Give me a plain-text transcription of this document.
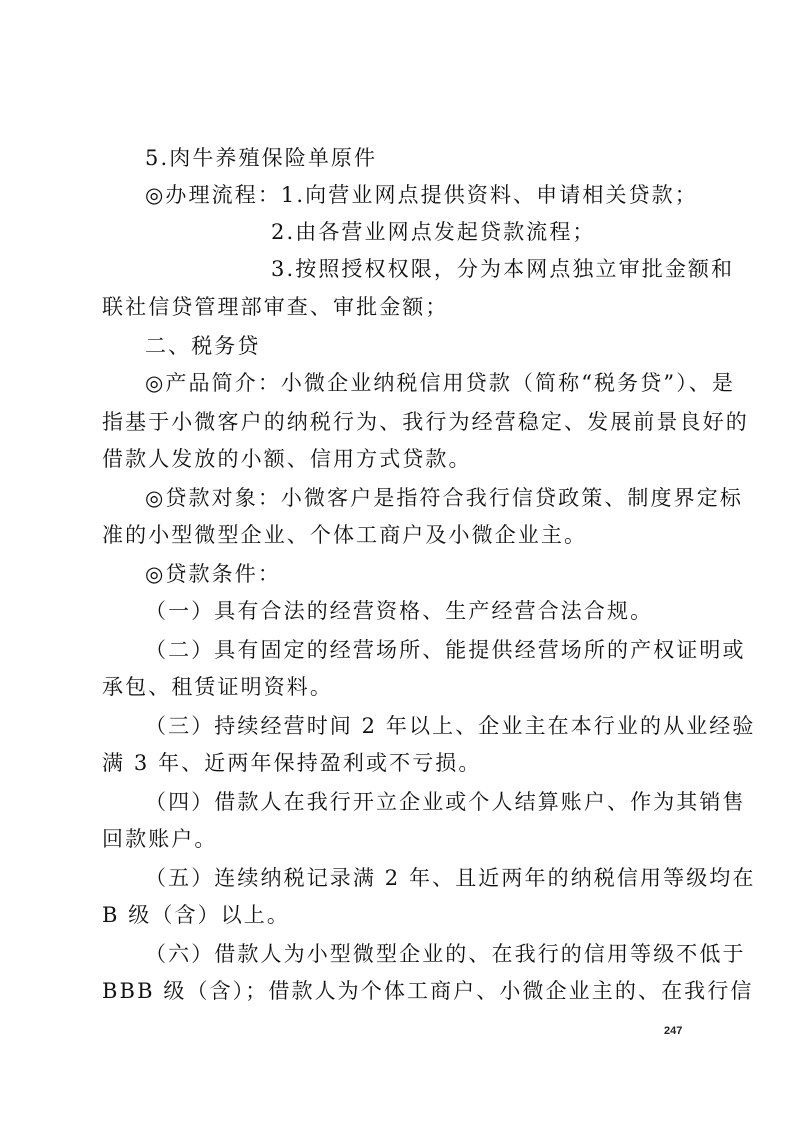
5.肉牛养殖保险单原件
◎办理流程：1.向营业网点提供资料、申请相关贷款；
2.由各营业网点发起贷款流程；
3.按照授权权限，分为本网点独立审批金额和
联社信贷管理部审查、审批金额；
二、税务贷
◎产品简介：小微企业纳税信用贷款（简称“税务贷”）、是
指基于小微客户的纳税行为、我行为经营稳定、发展前景良好的
借款人发放的小额、信用方式贷款。
◎贷款对象：小微客户是指符合我行信贷政策、制度界定标
准的小型微型企业、个体工商户及小微企业主。
◎贷款条件：
（一）具有合法的经营资格、生产经营合法合规。
（二）具有固定的经营场所、能提供经营场所的产权证明或
承包、租赁证明资料。
（三）持续经营时间 2 年以上、企业主在本行业的从业经验
满 3 年、近两年保持盈利或不亏损。
（四）借款人在我行开立企业或个人结算账户、作为其销售
回款账户。
（五）连续纳税记录满 2 年、且近两年的纳税信用等级均在
B 级（含）以上。
（六）借款人为小型微型企业的、在我行的信用等级不低于
BBB 级（含）；借款人为个体工商户、小微企业主的、在我行信
247
